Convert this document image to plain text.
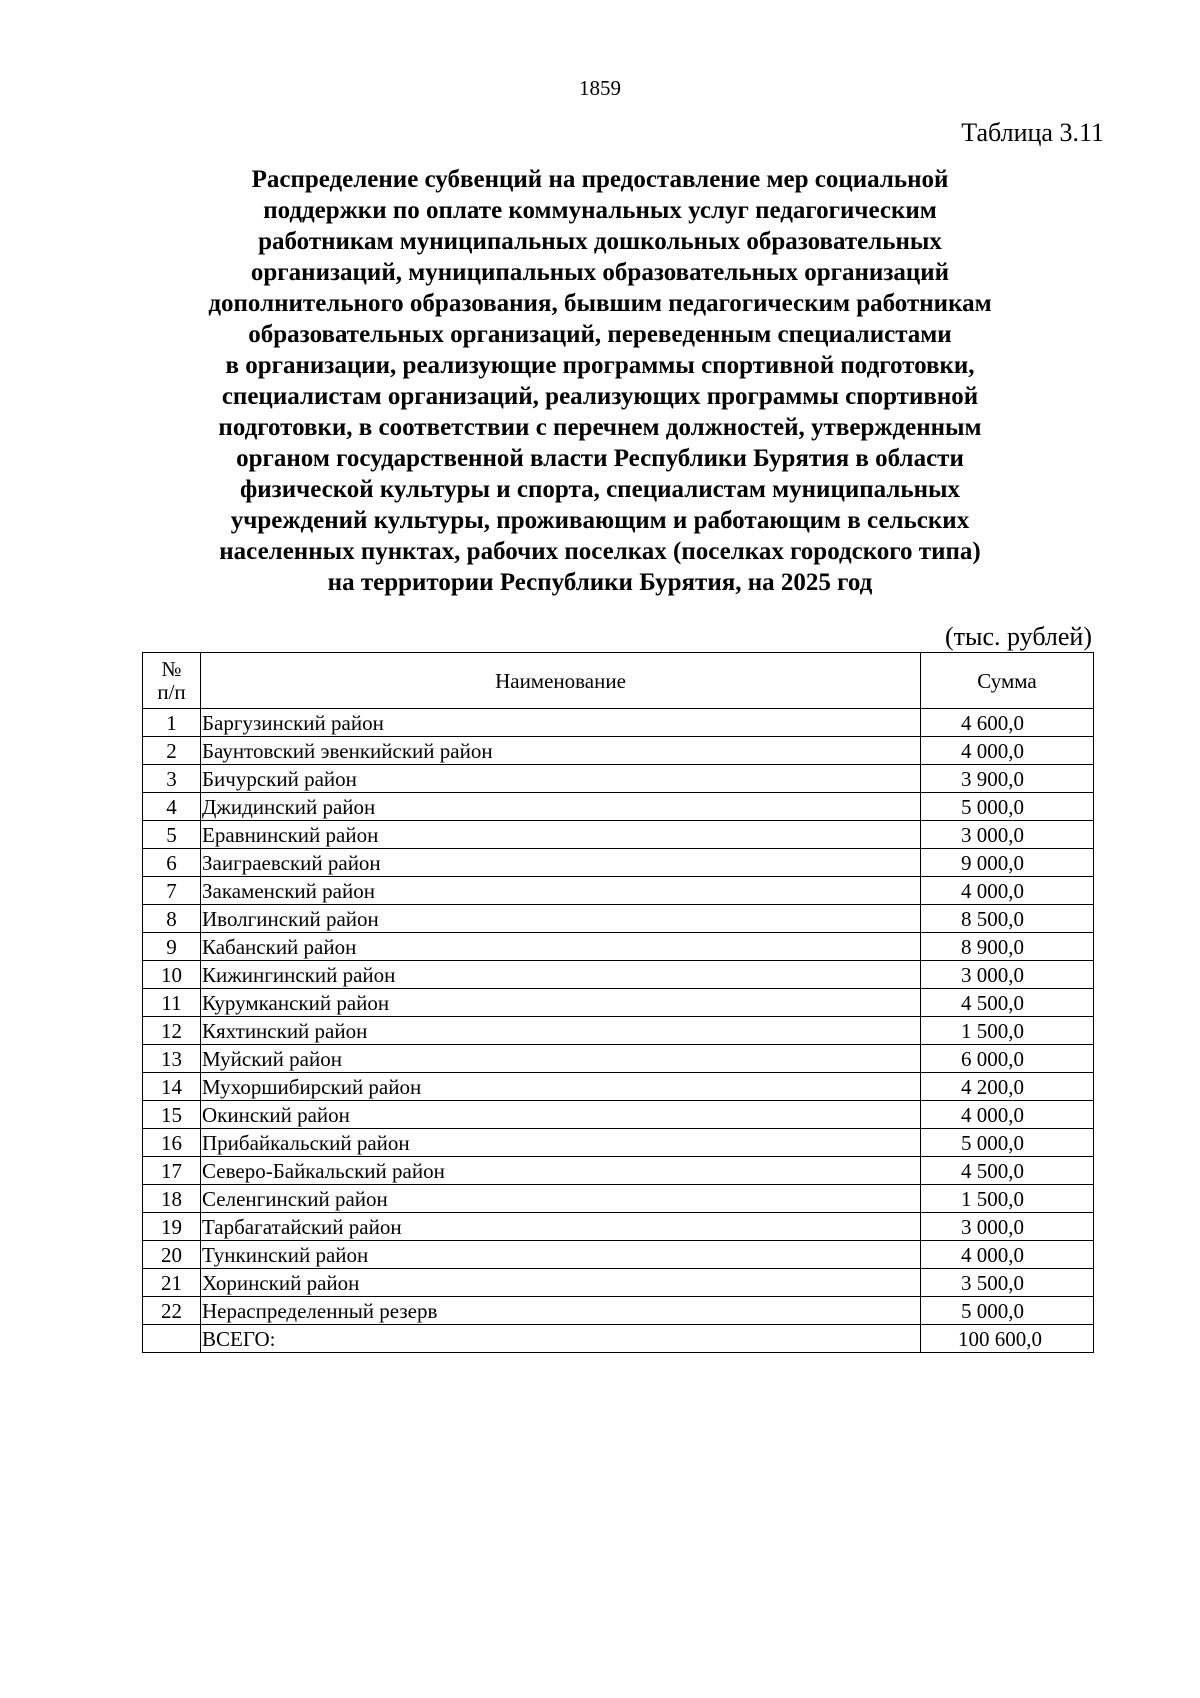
1859
Таблица 3.11
Распределение субвенций на предоставление мер социальной
поддержки по оплате коммунальных услуг педагогическим
работникам муниципальных дошкольных образовательных
организаций, муниципальных образовательных организаций
дополнительного образования, бывшим педагогическим работникам
образовательных организаций, переведенным специалистами
в организации, реализующие программы спортивной подготовки,
специалистам организаций, реализующих программы спортивной
подготовки, в соответствии с перечнем должностей, утвержденным
органом государственной власти Республики Бурятия в области
физической культуры и спорта, специалистам муниципальных
учреждений культуры, проживающим и работающим в сельских
населенных пунктах, рабочих поселках (поселках городского типа)
на территории Республики Бурятия, на 2025 год
(тыс. рублей)
№
п/п	Наименование	Сумма
1	Баргузинский район	4 600,0
2	Баунтовский эвенкийский район	4 000,0
3	Бичурский район	3 900,0
4	Джидинский район	5 000,0
5	Еравнинский район	3 000,0
6	Заиграевский район	9 000,0
7	Закаменский район	4 000,0
8	Иволгинский район	8 500,0
9	Кабанский район	8 900,0
10	Кижингинский район	3 000,0
11	Курумканский район	4 500,0
12	Кяхтинский район	1 500,0
13	Муйский район	6 000,0
14	Мухоршибирский район	4 200,0
15	Окинский район	4 000,0
16	Прибайкальский район	5 000,0
17	Северо-Байкальский район	4 500,0
18	Селенгинский район	1 500,0
19	Тарбагатайский район	3 000,0
20	Тункинский район	4 000,0
21	Хоринский район	3 500,0
22	Нераспределенный резерв	5 000,0
	ВСЕГО:	100 600,0
